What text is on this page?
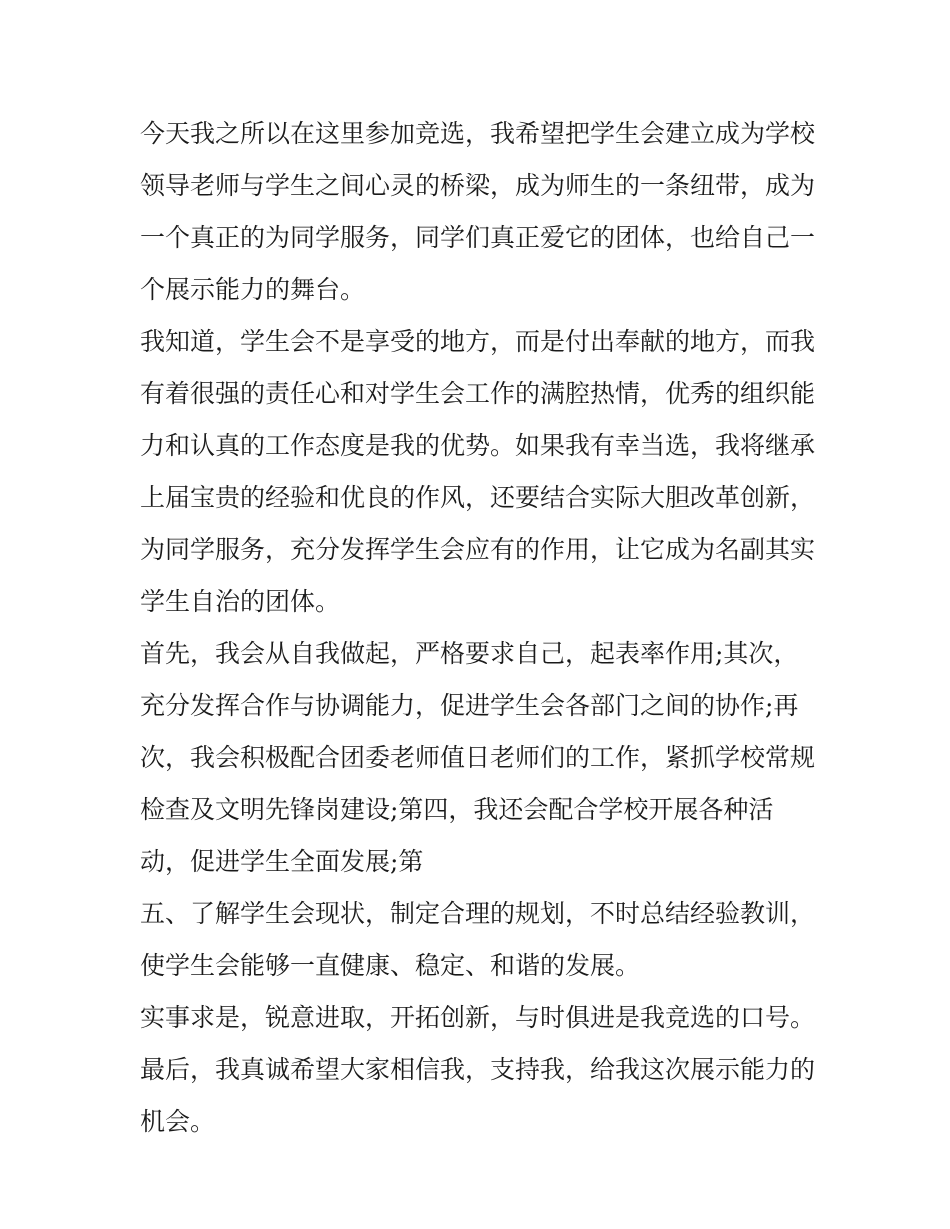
今天我之所以在这里参加竞选，我希望把学生会建立成为学校

领导老师与学生之间心灵的桥梁，成为师生的一条纽带，成为

一个真正的为同学服务，同学们真正爱它的团体，也给自己一

个展示能力的舞台。

我知道，学生会不是享受的地方，而是付出奉献的地方，而我

有着很强的责任心和对学生会工作的满腔热情，优秀的组织能

力和认真的工作态度是我的优势。如果我有幸当选，我将继承

上届宝贵的经验和优良的作风，还要结合实际大胆改革创新，

为同学服务，充分发挥学生会应有的作用，让它成为名副其实

学生自治的团体。

首先，我会从自我做起，严格要求自己，起表率作用;其次，

充分发挥合作与协调能力，促进学生会各部门之间的协作;再

次，我会积极配合团委老师值日老师们的工作，紧抓学校常规

检查及文明先锋岗建设;第四，我还会配合学校开展各种活

动，促进学生全面发展;第

五、了解学生会现状，制定合理的规划，不时总结经验教训，

使学生会能够一直健康、稳定、和谐的发展。

实事求是，锐意进取，开拓创新，与时俱进是我竞选的口号。

最后，我真诚希望大家相信我，支持我，给我这次展示能力的

机会。
